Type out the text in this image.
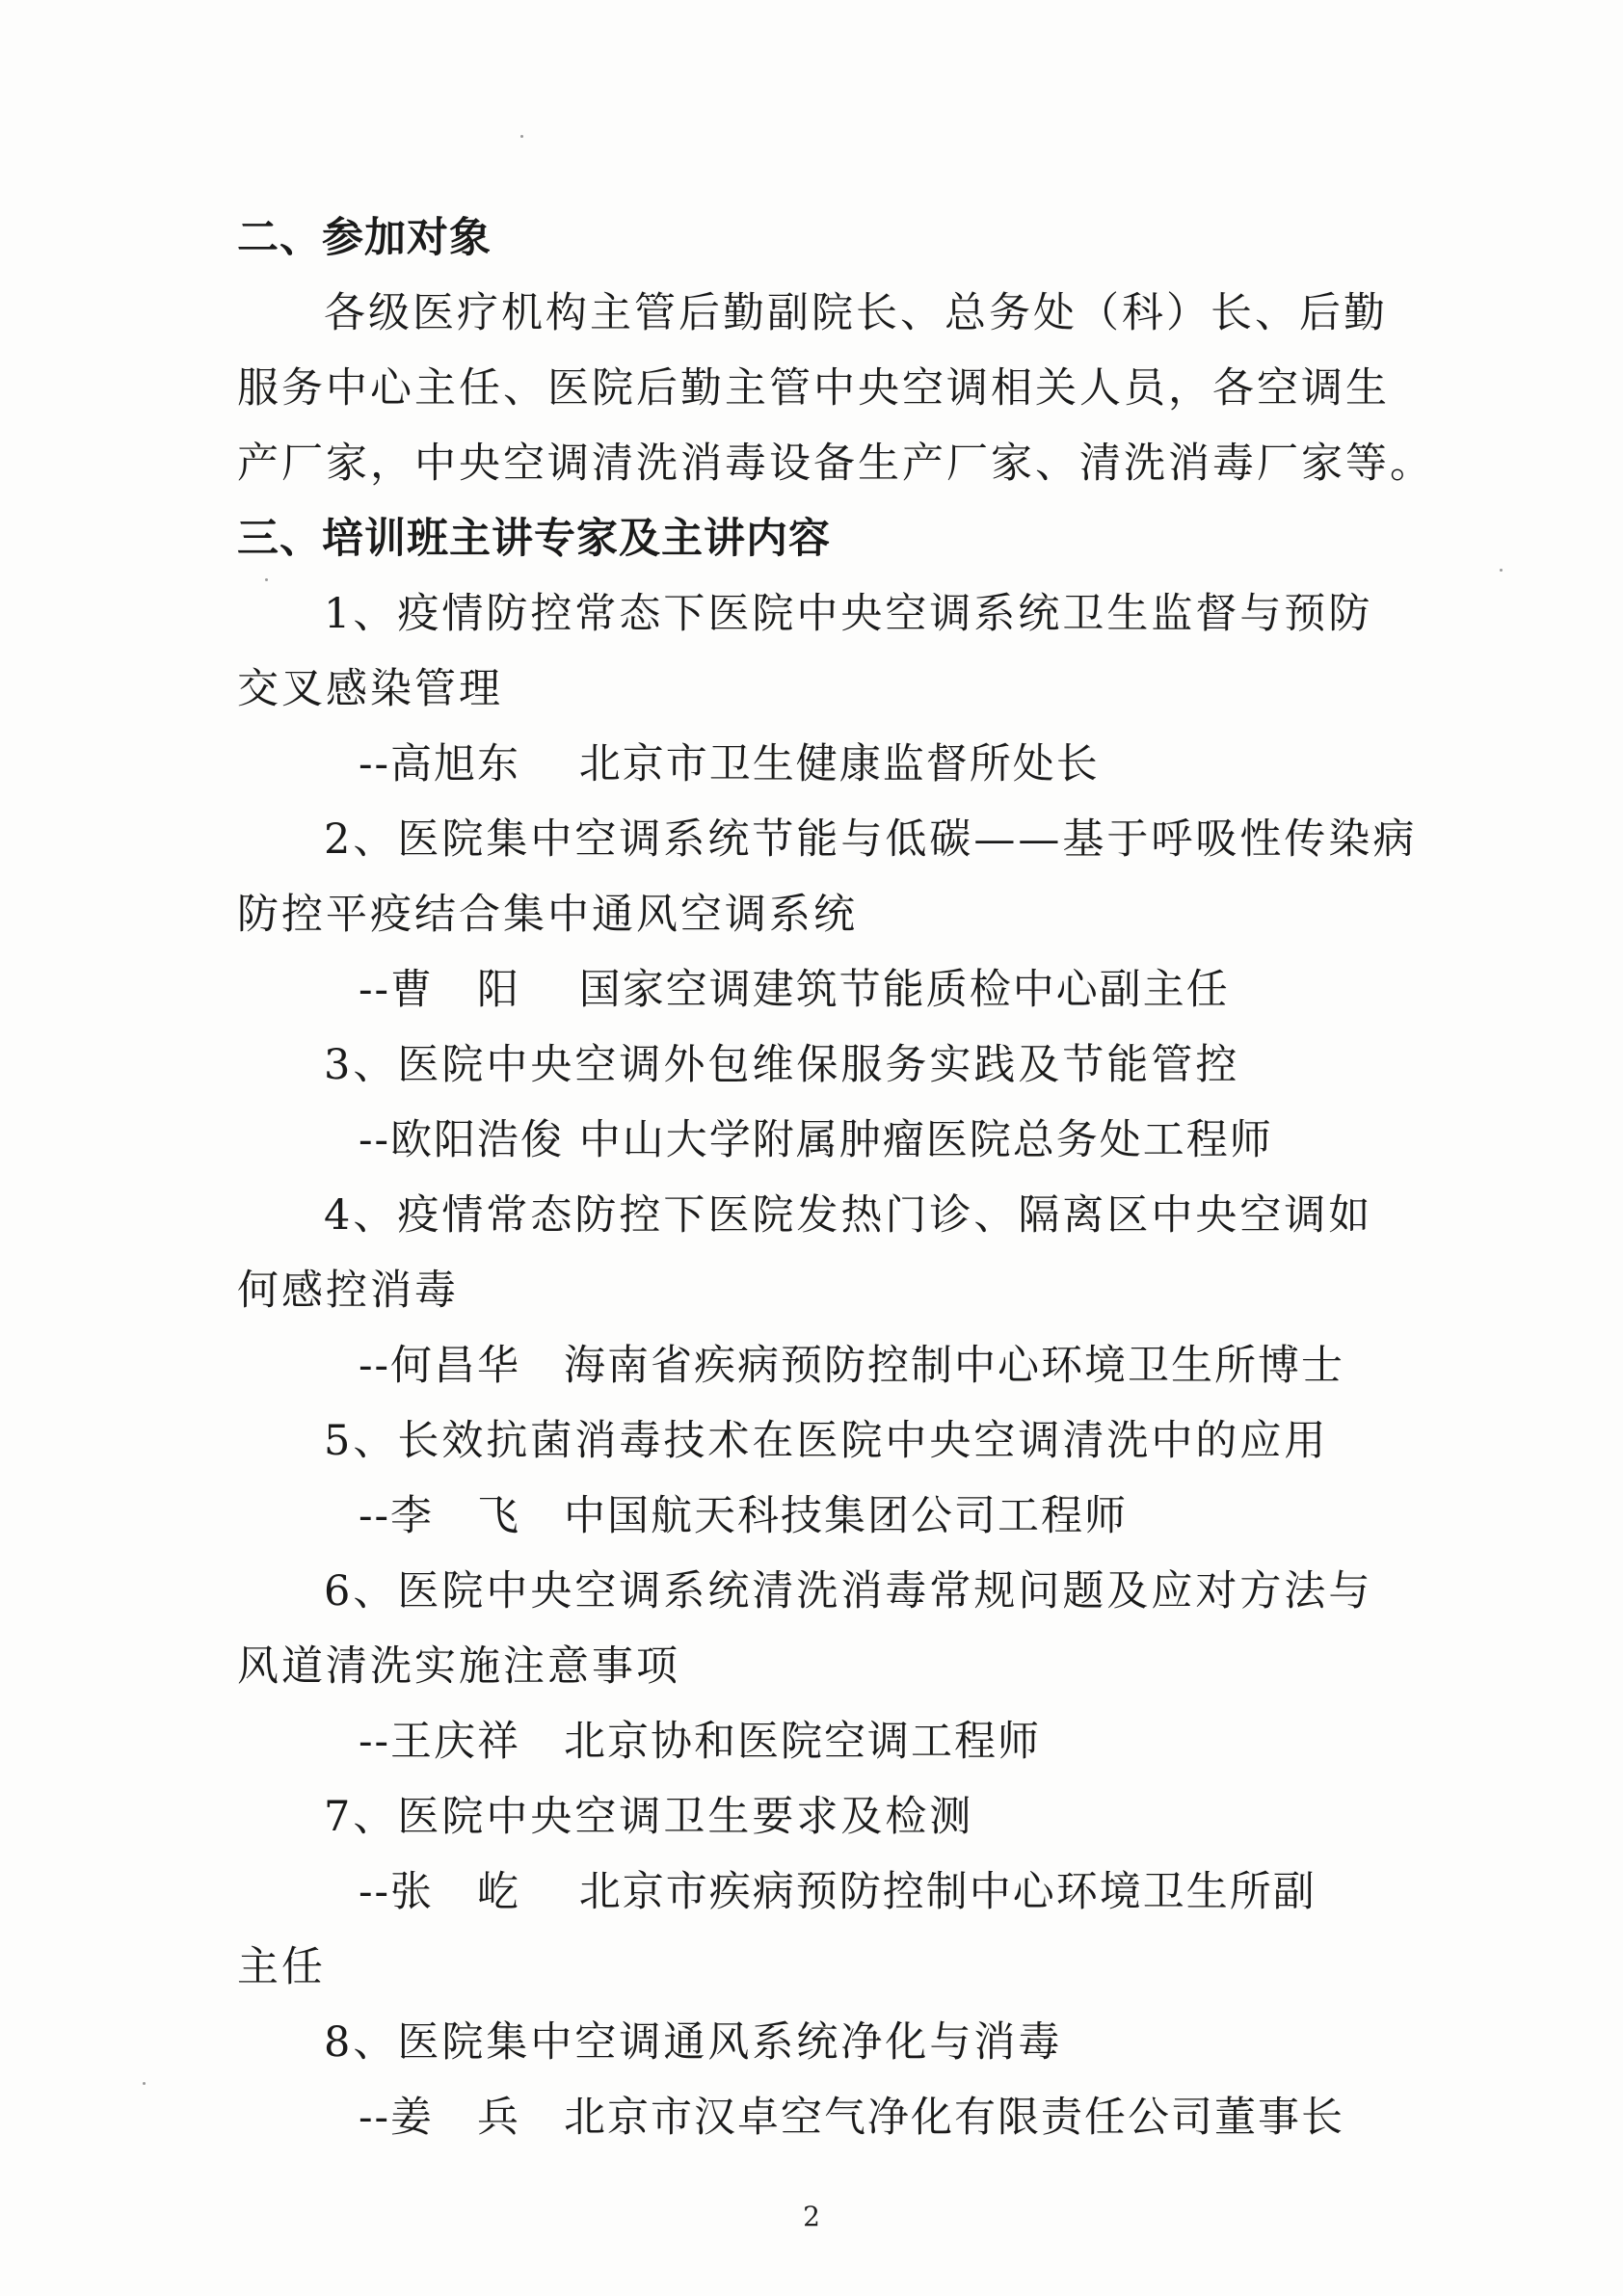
二、参加对象
各级医疗机构主管后勤副院长、总务处（科）长、后勤
服务中心主任、医院后勤主管中央空调相关人员，各空调生
产厂家，中央空调清洗消毒设备生产厂家、清洗消毒厂家等。
三、培训班主讲专家及主讲内容
1、疫情防控常态下医院中央空调系统卫生监督与预防
交叉感染管理
--高旭东　 北京市卫生健康监督所处长
2、医院集中空调系统节能与低碳——基于呼吸性传染病
防控平疫结合集中通风空调系统
--曹　阳　 国家空调建筑节能质检中心副主任
3、医院中央空调外包维保服务实践及节能管控
--欧阳浩俊 中山大学附属肿瘤医院总务处工程师
4、疫情常态防控下医院发热门诊、隔离区中央空调如
何感控消毒
--何昌华　海南省疾病预防控制中心环境卫生所博士
5、长效抗菌消毒技术在医院中央空调清洗中的应用
--李　飞　中国航天科技集团公司工程师
6、医院中央空调系统清洗消毒常规问题及应对方法与
风道清洗实施注意事项
--王庆祥　北京协和医院空调工程师
7、医院中央空调卫生要求及检测
--张　屹　 北京市疾病预防控制中心环境卫生所副
主任
8、医院集中空调通风系统净化与消毒
--姜　兵　北京市汉卓空气净化有限责任公司董事长
2
